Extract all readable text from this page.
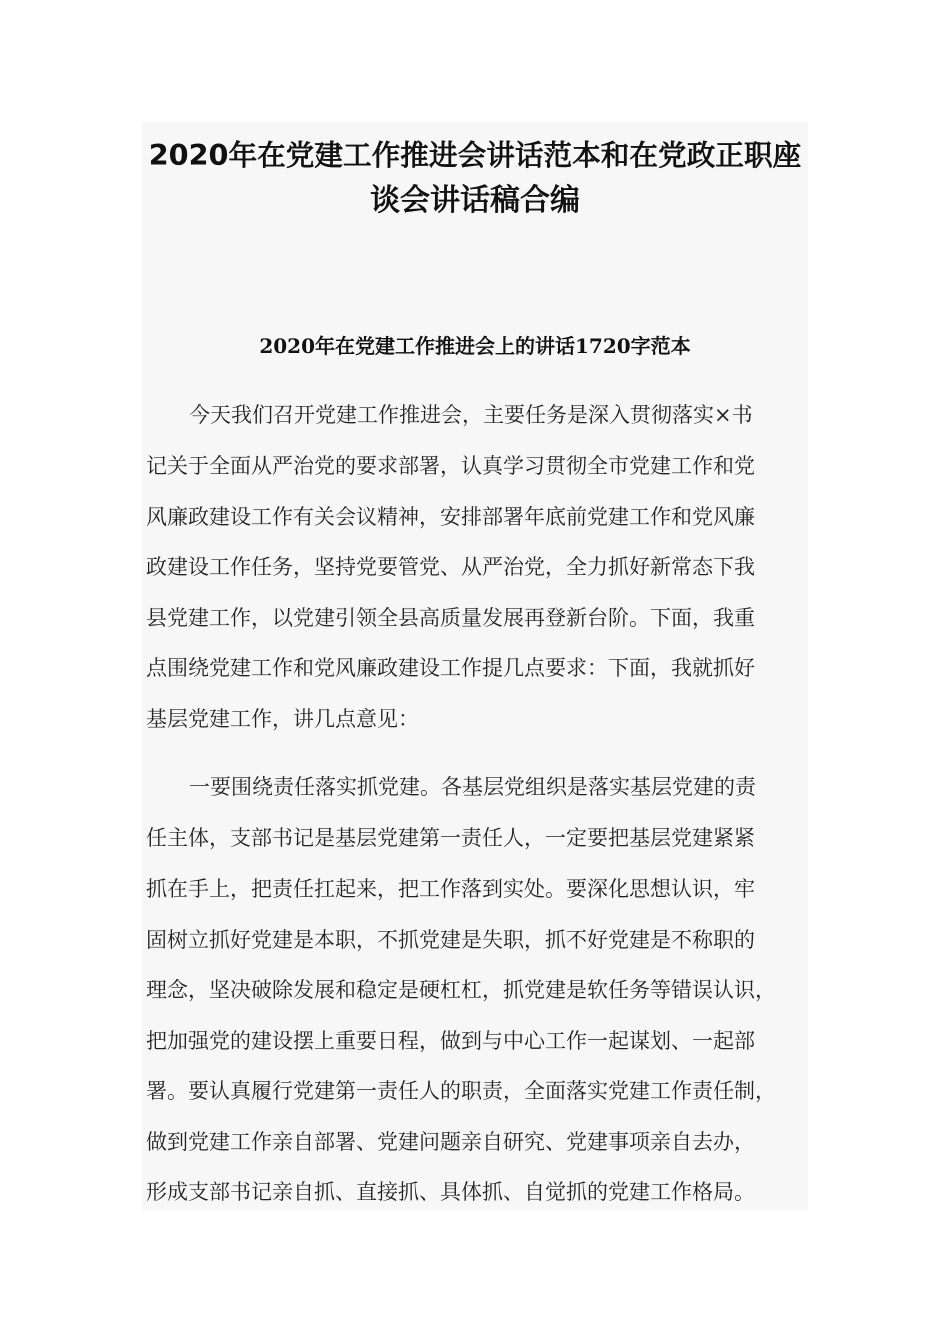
2020年在党建工作推进会讲话范本和在党政正职座
谈会讲话稿合编
2020年在党建工作推进会上的讲话1720字范本

今天我们召开党建工作推进会，主要任务是深入贯彻落实×书

记关于全面从严治党的要求部署，认真学习贯彻全市党建工作和党

风廉政建设工作有关会议精神，安排部署年底前党建工作和党风廉

政建设工作任务，坚持党要管党、从严治党，全力抓好新常态下我

县党建工作，以党建引领全县高质量发展再登新台阶。下面，我重

点围绕党建工作和党风廉政建设工作提几点要求：下面，我就抓好

基层党建工作，讲几点意见：

一要围绕责任落实抓党建。各基层党组织是落实基层党建的责

任主体，支部书记是基层党建第一责任人，一定要把基层党建紧紧

抓在手上，把责任扛起来，把工作落到实处。要深化思想认识，牢

固树立抓好党建是本职，不抓党建是失职，抓不好党建是不称职的

理念，坚决破除发展和稳定是硬杠杠，抓党建是软任务等错误认识，

把加强党的建设摆上重要日程，做到与中心工作一起谋划、一起部

署。要认真履行党建第一责任人的职责，全面落实党建工作责任制，

做到党建工作亲自部署、党建问题亲自研究、党建事项亲自去办，

形成支部书记亲自抓、直接抓、具体抓、自觉抓的党建工作格局。
